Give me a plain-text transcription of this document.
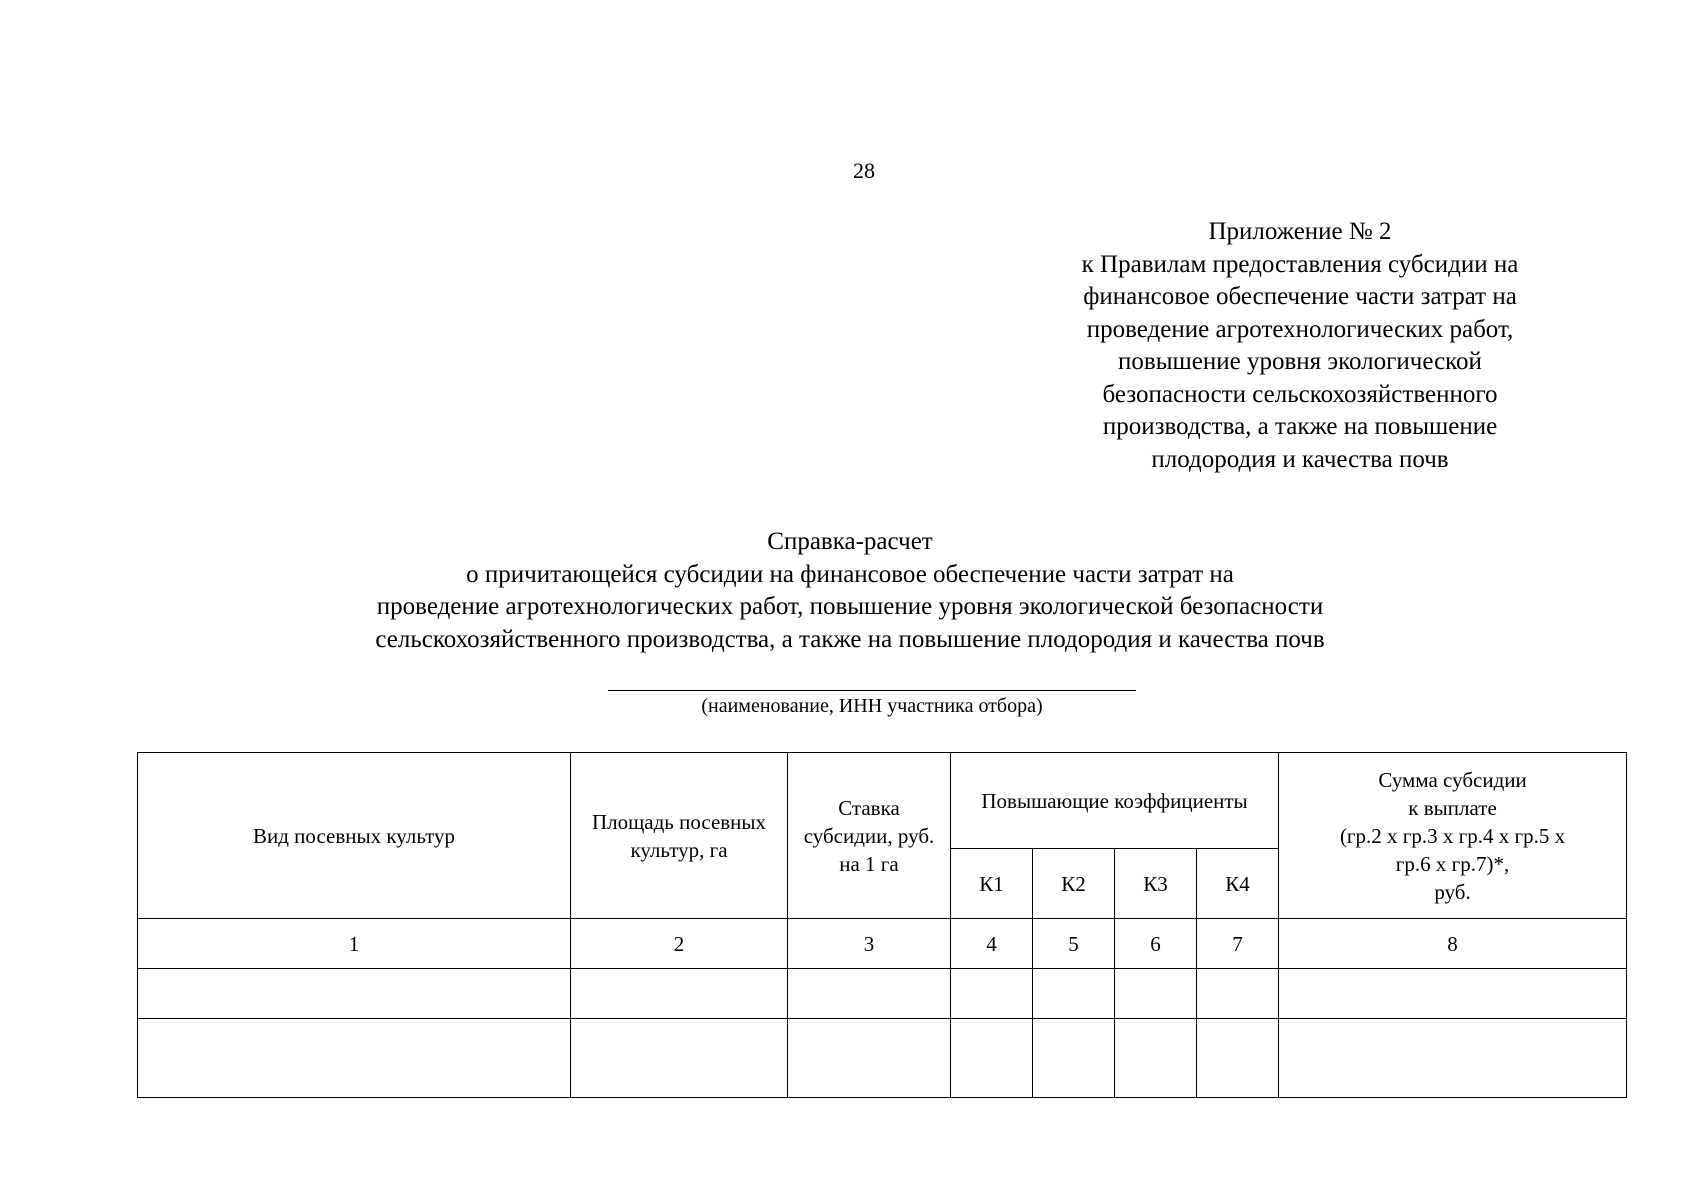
28
Приложение № 2
к Правилам предоставления субсидии на
финансовое обеспечение части затрат на
проведение агротехнологических работ,
повышение уровня экологической
безопасности сельскохозяйственного
производства, а также на повышение
плодородия и качества почв
Справка-расчет
о причитающейся субсидии на финансовое обеспечение части затрат на
проведение агротехнологических работ, повышение уровня экологической безопасности
сельскохозяйственного производства, а также на повышение плодородия и качества почв
(наименование, ИНН участника отбора)
Вид посевных культур	Площадь посевных культур, га	Ставка субсидии, руб. на 1 га	Повышающие коэффициенты				Сумма субсидии
к выплате
(гр.2 х гр.3 х гр.4 х гр.5 х
гр.6 х гр.7)*,
руб.

			К1	К2	К3	К4	
1	2	3	4	5	6	7	8
